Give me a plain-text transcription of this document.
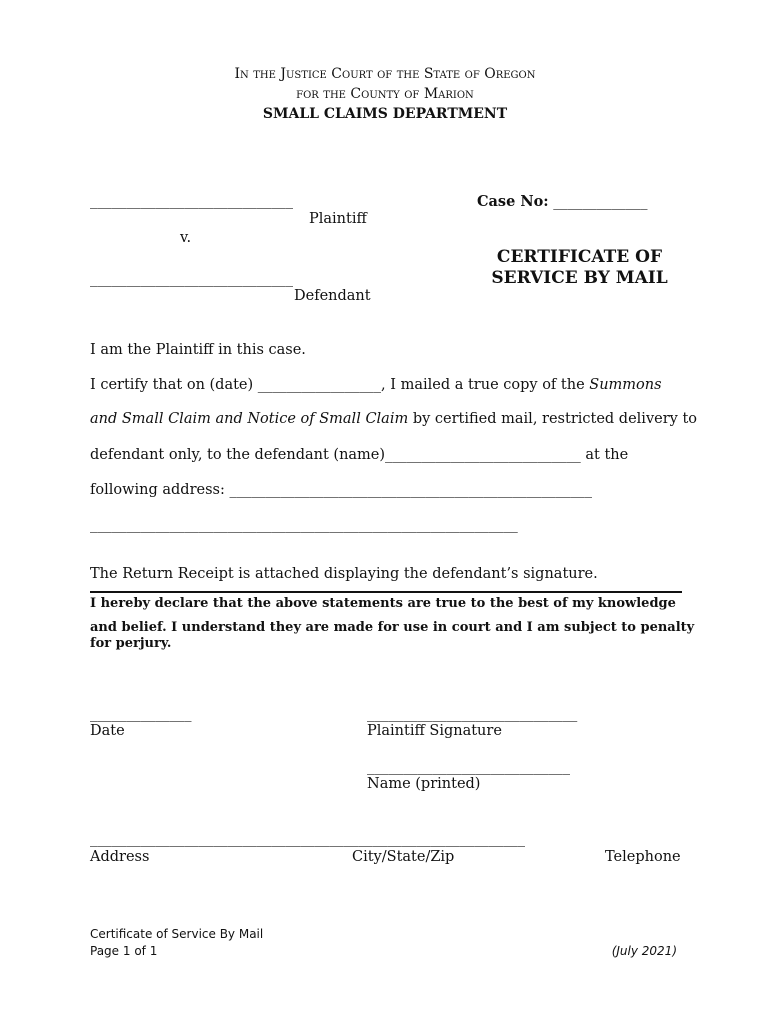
In the Justice Court of the State of Oregon
for the County of Marion
SMALL CLAIMS DEPARTMENT
____________________________
Plaintiff
v.
____________________________
Defendant
Case No: _____________
CERTIFICATE OF
SERVICE BY MAIL
I am the Plaintiff in this case.
I certify that on (date) _________________, I mailed a true copy of the Summons
and Small Claim and Notice of Small Claim by certified mail, restricted delivery to
defendant only, to the defendant (name)___________________________ at the
following address: __________________________________________________
___________________________________________________________
The Return Receipt is attached displaying the defendant’s signature.
I hereby declare that the above statements are true to the best of my knowledge
and belief. I understand they are made for use in court and I am subject to penalty
for perjury.
______________
Date
_____________________________
Plaintiff Signature
____________________________
Name (printed)
____________________________________________________________
Address	City/State/Zip	Telephone
Certificate of Service By Mail
Page 1 of 1	(July 2021)
